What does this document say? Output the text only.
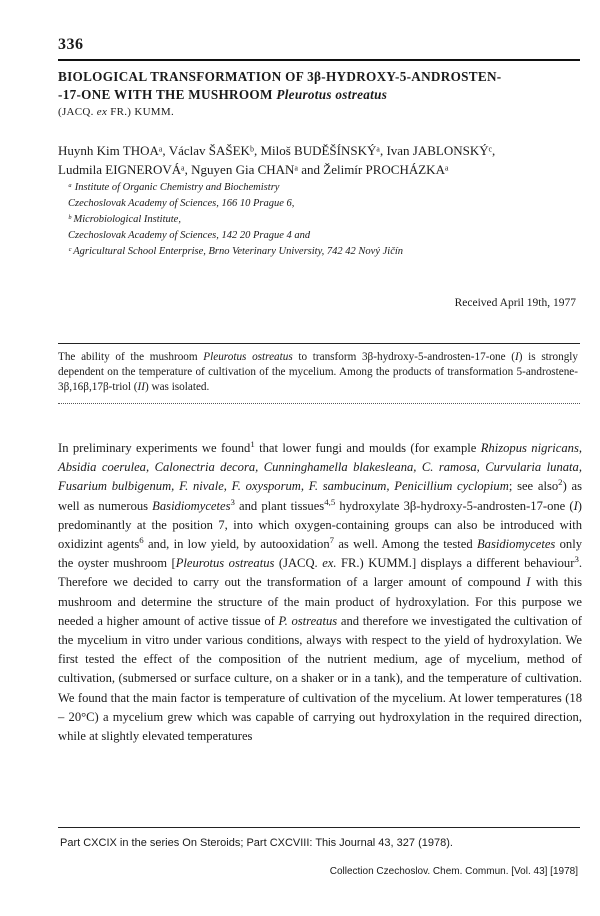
336
BIOLOGICAL TRANSFORMATION OF 3β-HYDROXY-5-ANDROSTEN-
-17-ONE WITH THE MUSHROOM Pleurotus ostreatus
(JACQ. ex FR.) KUMM.
Huynh Kim THOAᵃ, Václav ŠAŠEKᵇ, Miloš BUDĚŠÍNSKÝᵃ, Ivan JABLONSKÝᶜ,
Ludmila EIGNEROVÁᵃ, Nguyen Gia CHANᵃ and Želimír PROCHÁZKAᵃ
ᵃ Institute of Organic Chemistry and Biochemistry
Czechoslovak Academy of Sciences, 166 10 Prague 6,
ᵇ Microbiological Institute,
Czechoslovak Academy of Sciences, 142 20 Prague 4 and
ᶜ Agricultural School Enterprise, Brno Veterinary University, 742 42 Nový Jičín
Received April 19th, 1977
The ability of the mushroom Pleurotus ostreatus to transform 3β-hydroxy-5-androsten-17-one (I) is strongly dependent on the temperature of cultivation of the mycelium. Among the products of transformation 5-androstene-3β,16β,17β-triol (II) was isolated.
In preliminary experiments we found$^1$ that lower fungi and moulds (for example Rhizopus nigricans, Absidia coerulea, Calonectria decora, Cunninghamella blakesleana, C. ramosa, Curvularia lunata, Fusarium bulbigenum, F. nivale, F. oxysporum, F. sambucinum, Penicillium cyclopium; see also$^2$) as well as numerous Basidiomycetes$^3$ and plant tissues$^{4,5}$ hydroxylate 3β-hydroxy-5-androsten-17-one (I) predominantly at the position 7, into which oxygen-containing groups can also be introduced with oxidizint agents$^6$ and, in low yield, by autooxidation$^7$ as well. Among the tested Basidiomycetes only the oyster mushroom [Pleurotus ostreatus (JACQ. ex. FR.) KUMM.] displays a different behaviour$^3$. Therefore we decided to carry out the transformation of a larger amount of compound I with this mushroom and determine the structure of the main product of hydroxylation. For this purpose we needed a higher amount of active tissue of P. ostreatus and therefore we investigated the cultivation of the mycelium in vitro under various conditions, always with respect to the yield of hydroxylation. We first tested the effect of the composition of the nutrient medium, age of mycelium, method of cultivation, (submersed or surface culture, on a shaker or in a tank), and the temperature of cultivation. We found that the main factor is temperature of cultivation of the mycelium. At lower temperatures (18 – 20°C) a mycelium grew which was capable of carrying out hydroxylation in the required direction, while at slightly elevated temperatures
Part CXCIX in the series On Steroids; Part CXCVIII: This Journal 43, 327 (1978).
Collection Czechoslov. Chem. Commun. [Vol. 43] [1978]
